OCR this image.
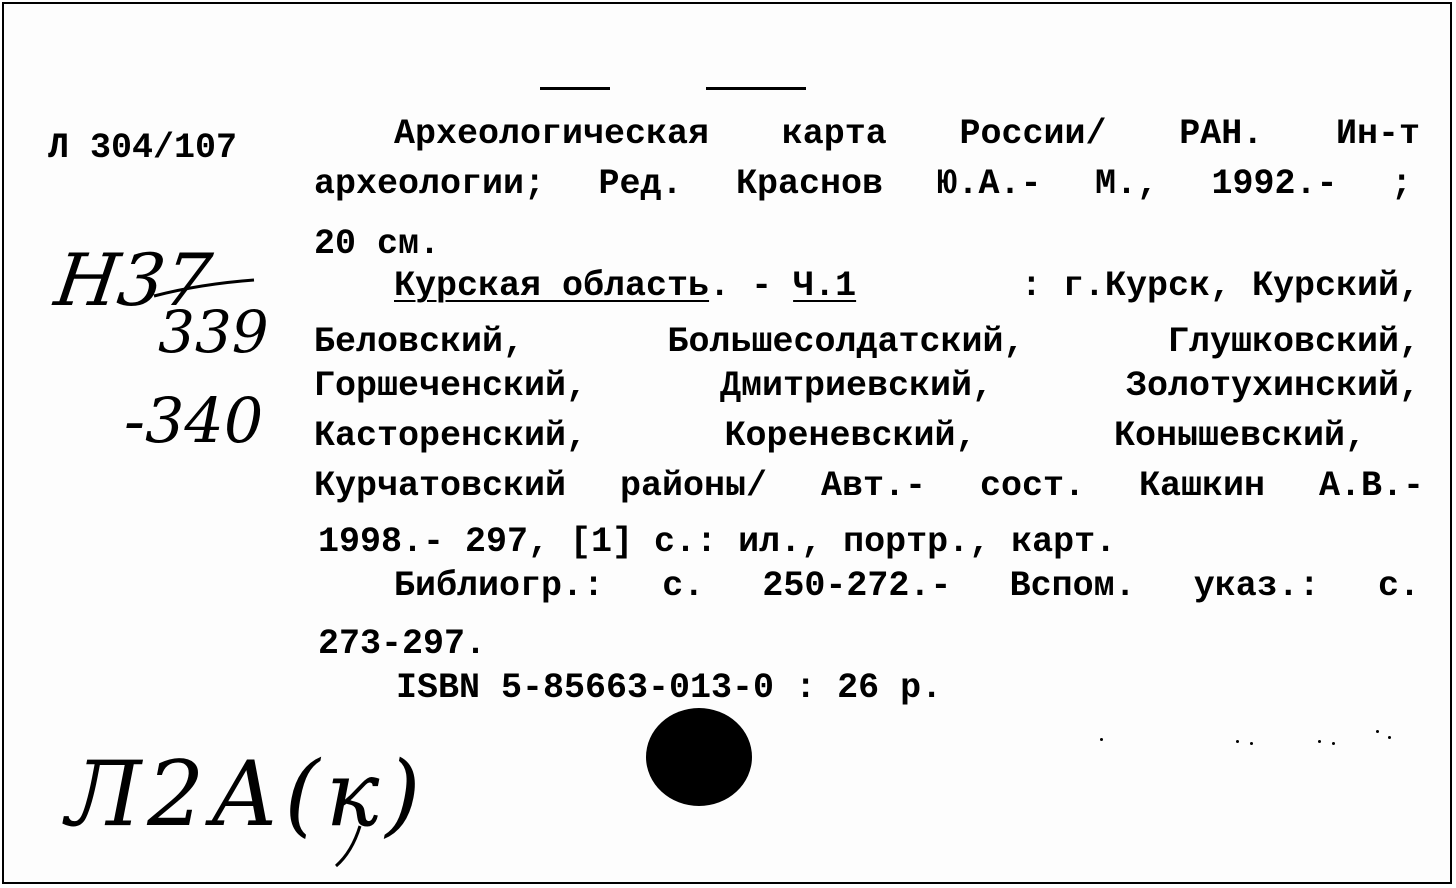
Л 304/107
Н37
339
-340
Л2А(к)
Археологическая карта России/ РАН. Ин-т
археологии; Ред. Краснов Ю.А.- М., 1992.- ;
20 см.
Курская область. - Ч.1	: г.Курск, Курский,
Беловский,	Большесолдатский,	Глушковский,
Горшеченский,	Дмитриевский,	Золотухинский,
Касторенский,	Кореневский,	Конышевский,
Курчатовский районы/ Авт.- сост. Кашкин А.В.-
1998.- 297, [1] с.: ил., портр., карт.
Библиогр.: с. 250-272.- Вспом. указ.: с.
273-297.
ISBN 5-85663-013-0 : 26 р.
